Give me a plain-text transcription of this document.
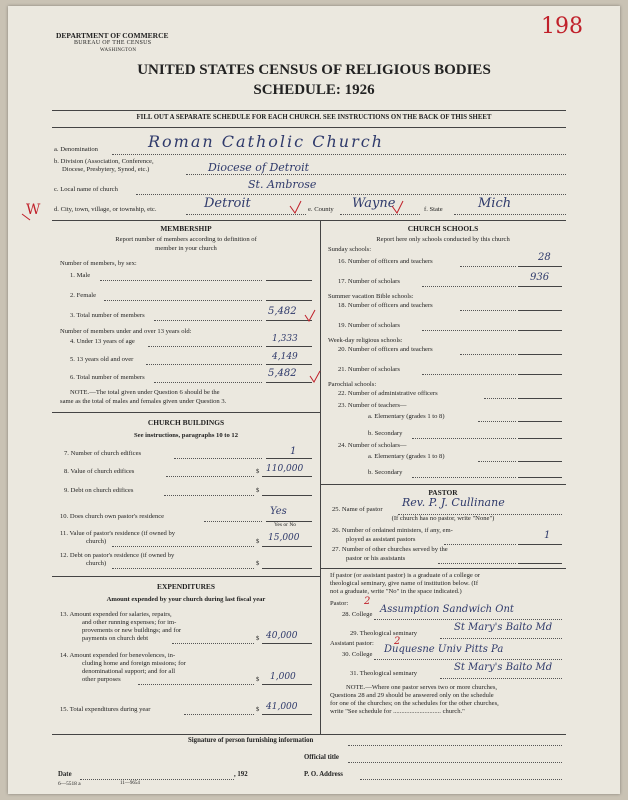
DEPARTMENT OF COMMERCE
BUREAU OF THE CENSUS
WASHINGTON
198
UNITED STATES CENSUS OF RELIGIOUS BODIES
SCHEDULE: 1926
FILL OUT A SEPARATE SCHEDULE FOR EACH CHURCH. SEE INSTRUCTIONS ON THE BACK OF THIS SHEET
a. Denomination	Roman Catholic Church
b. Division (Association, Conference,
Diocese, Presbytery, Synod, etc.)	Diocese of Detroit
c. Local name of church	St. Ambrose
W d. City, town, village, or township, etc.	Detroit	e. County Wayne	f. State	Mich
MEMBERSHIP
Report number of members according to definition of
member in your church
Number of members, by sex:
1. Male
2. Female
3. Total number of members	5,482
Number of members under and over 13 years old:
4. Under 13 years of age	1,333
5. 13 years old and over	4,149
6. Total number of members	5,482
NOTE.—The total given under Question 6 should be the
same as the total of males and females given under Question 3.
CHURCH BUILDINGS
See instructions, paragraphs 10 to 12
7. Number of church edifices	1
8. Value of church edifices	$ 110,000
9. Debt on church edifices	$
10. Does church own pastor's residence	Yes
Yes or No
11. Value of pastor's residence (if owned by
church)	$ 15,000
12. Debt on pastor's residence (if owned by
church)	$
EXPENDITURES
Amount expended by your church during last fiscal year
13. Amount expended for salaries, repairs,
and other running expenses; for im-
provements or new buildings; and for
payments on church debt	$ 40,000
14. Amount expended for benevolences, in-
cluding home and foreign missions; for
denominational support; and for all
other purposes	$ 1,000
15. Total expenditures during year	$ 41,000
CHURCH SCHOOLS
Report here only schools conducted by this church
Sunday schools:
16. Number of officers and teachers	28
17. Number of scholars	936
Summer vacation Bible schools:
18. Number of officers and teachers
19. Number of scholars
Week-day religious schools:
20. Number of officers and teachers
21. Number of scholars
Parochial schools:
22. Number of administrative officers
23. Number of teachers—
a. Elementary (grades 1 to 8)
b. Secondary
24. Number of scholars—
a. Elementary (grades 1 to 8)
b. Secondary
PASTOR
25. Name of pastor
Rev. P. J. Cullinane
(If church has no pastor, write "None")
26. Number of ordained ministers, if any, em-
ployed as assistant pastors	1
27. Number of other churches served by the
pastor or his assistants
If pastor (or assistant pastor) is a graduate of a college or
theological seminary, give name of institution below. (If
not a graduate, write "No" in the space indicated.)
Pastor: 2
28. College Assumption Sandwich Ont
29. Theological seminary
St Mary's Balto Md
Assistant pastor: 2
30. College Duquesne Univ Pitts Pa
31. Theological seminary
St Mary's Balto Md
NOTE.—Where one pastor serves two or more churches,
Questions 28 and 29 should be answered only on the schedule
for one of the churches; on the schedules for the other churches,
write "See schedule for ............................. church."
Signature of person furnishing information
Official title
Date	, 192	P. O. Address
6—5518 a	11—9654
